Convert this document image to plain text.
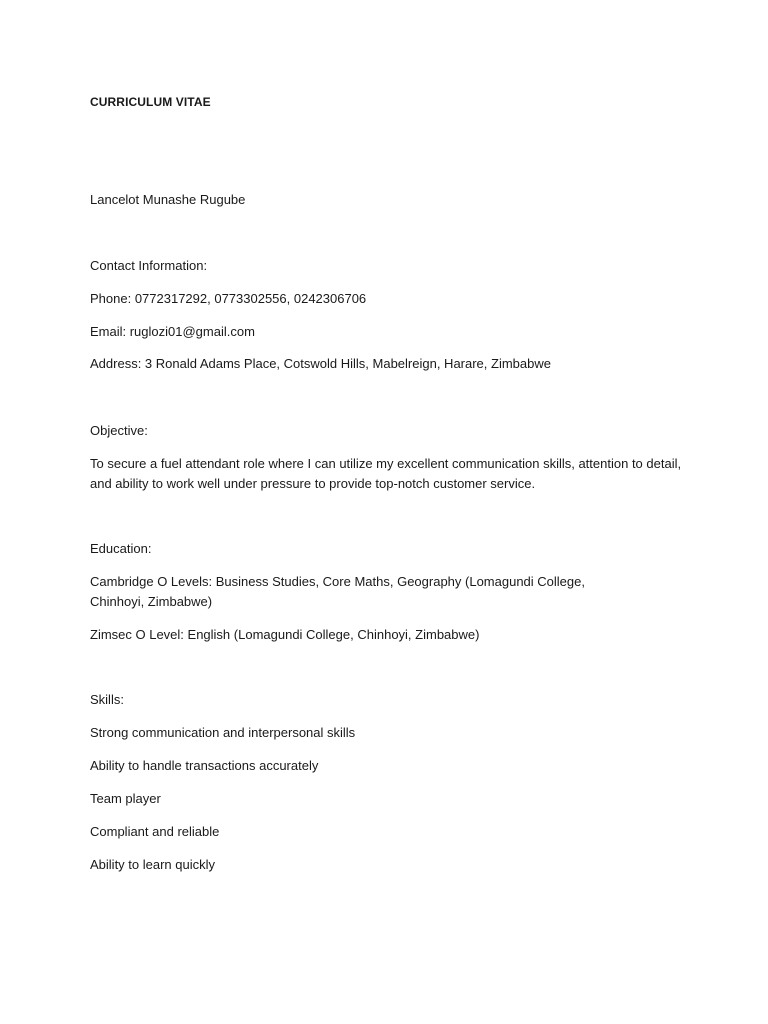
CURRICULUM VITAE
Lancelot Munashe Rugube
Contact Information:
Phone: 0772317292, 0773302556, 0242306706
Email: ruglozi01@gmail.com
Address: 3 Ronald Adams Place, Cotswold Hills, Mabelreign, Harare, Zimbabwe
Objective:
To secure a fuel attendant role where I can utilize my excellent communication skills, attention to detail, and ability to work well under pressure to provide top-notch customer service.
Education:
Cambridge O Levels: Business Studies, Core Maths, Geography (Lomagundi College, Chinhoyi, Zimbabwe)
Zimsec O Level: English (Lomagundi College, Chinhoyi, Zimbabwe)
Skills:
Strong communication and interpersonal skills
Ability to handle transactions accurately
Team player
Compliant and reliable
Ability to learn quickly
